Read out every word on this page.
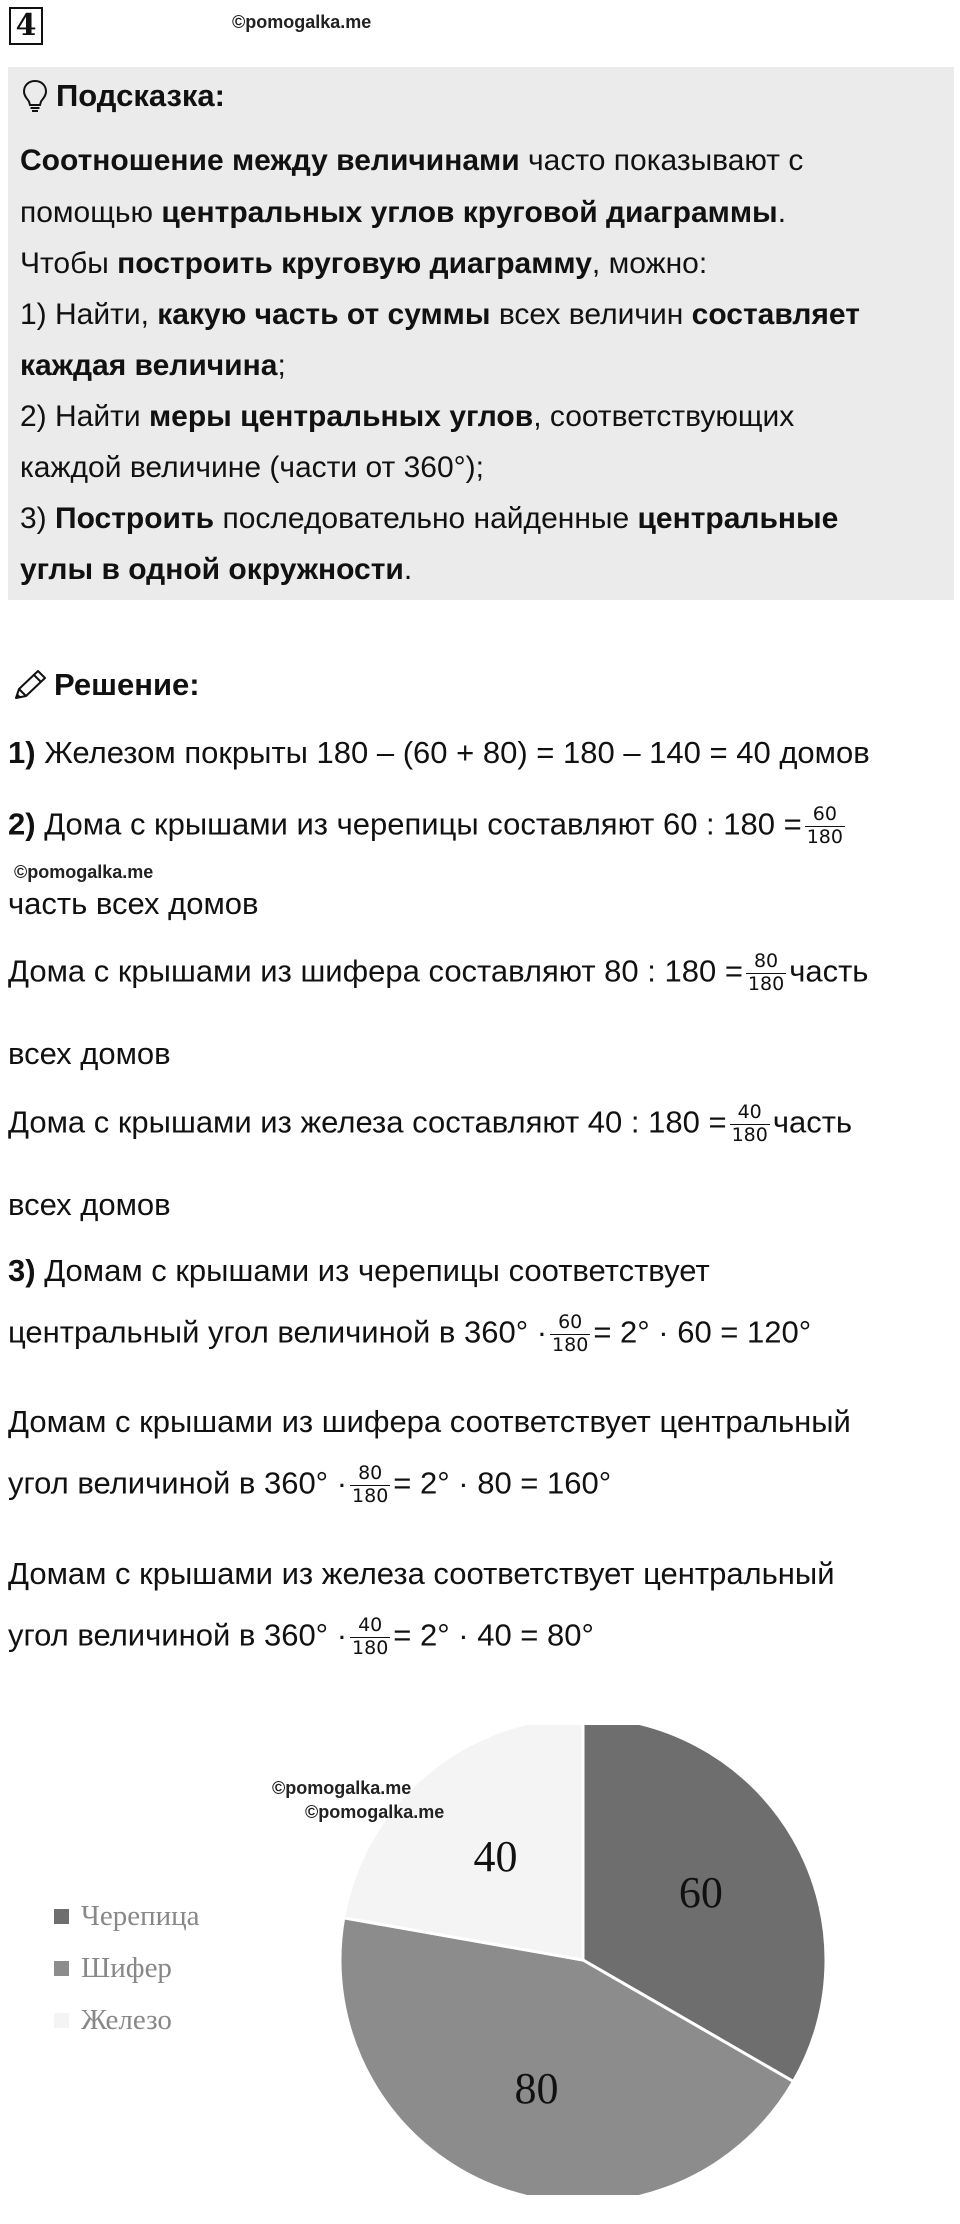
4	©pomogalka.me
Подсказка:
Соотношение между величинами часто показывают с
помощью центральных углов круговой диаграммы.
Чтобы построить круговую диаграмму, можно:
1) Найти, какую часть от суммы всех величин составляет
каждая величина;
2) Найти меры центральных углов, соответствующих
каждой величине (части от 360°);
3) Построить последовательно найденные центральные
углы в одной окружности.
Решение:
1) Железом покрыты 180 – (60 + 80) = 180 – 140 = 40 домов
2) Дома с крышами из черепицы составляют 60 : $180 = \frac{60}{180}$
©pomogalka.me
часть всех домов
Дома с крышами из шифера составляют 80 : $180 = \frac{80}{180}$ часть
всех домов
Дома с крышами из железа составляют 40 : $180 = \frac{40}{180}$ часть
всех домов
3) Домам с крышами из черепицы соответствует
центральный угол величиной в $360^\circ \cdot \frac{60}{180} = 2^\circ \cdot 60 = 120^\circ$
Домам с крышами из шифера соответствует центральный
угол величиной в $360^\circ \cdot \frac{80}{180} = 2^\circ \cdot 80 = 160^\circ$
Домам с крышами из железа соответствует центральный
угол величиной в $360^\circ \cdot \frac{40}{180} = 2^\circ \cdot 40 = 80^\circ$
60
80
40
©pomogalka.me
©pomogalka.me
Черепица
Шифер
Железо
